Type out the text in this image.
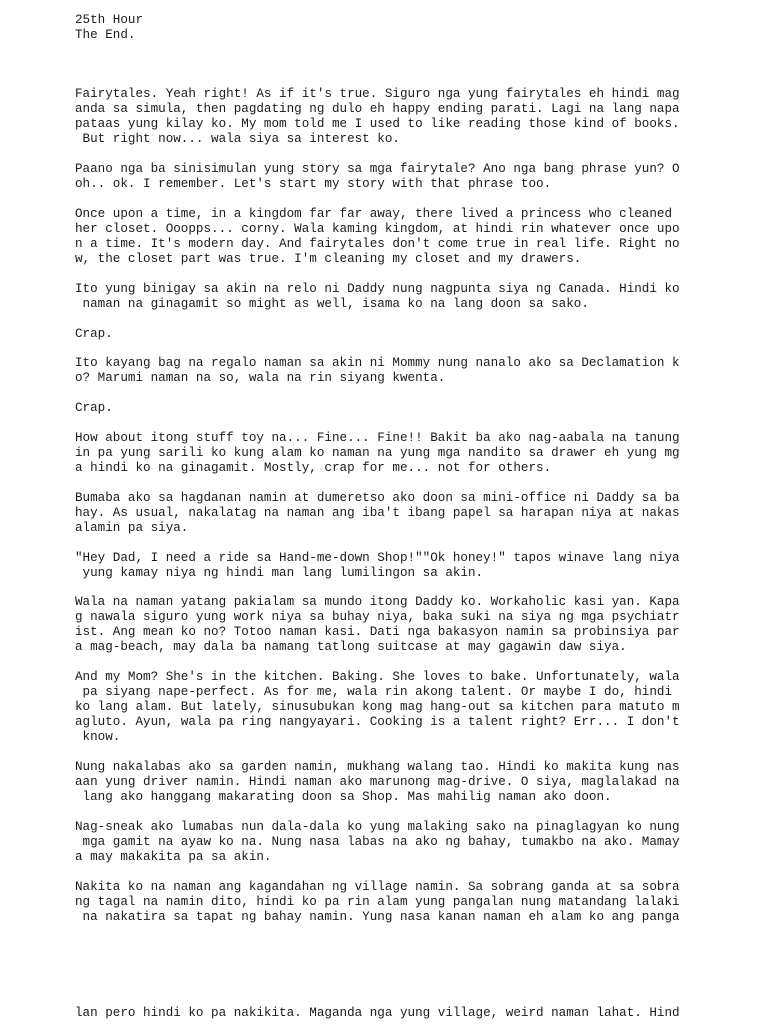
25th Hour
The End.
Fairytales. Yeah right! As if it's true. Siguro nga yung fairytales eh hindi mag
anda sa simula, then pagdating ng dulo eh happy ending parati. Lagi na lang napa
pataas yung kilay ko. My mom told me I used to like reading those kind of books.
But right now... wala siya sa interest ko.
Paano nga ba sinisimulan yung story sa mga fairytale? Ano nga bang phrase yun? O
oh.. ok. I remember. Let's start my story with that phrase too.
Once upon a time, in a kingdom far far away, there lived a princess who cleaned
her closet. Ooopps... corny. Wala kaming kingdom, at hindi rin whatever once upo
n a time. It's modern day. And fairytales don't come true in real life. Right no
w, the closet part was true. I'm cleaning my closet and my drawers.
Ito yung binigay sa akin na relo ni Daddy nung nagpunta siya ng Canada. Hindi ko
naman na ginagamit so might as well, isama ko na lang doon sa sako.
Crap.
Ito kayang bag na regalo naman sa akin ni Mommy nung nanalo ako sa Declamation k
o? Marumi naman na so, wala na rin siyang kwenta.
Crap.
How about itong stuff toy na... Fine... Fine!! Bakit ba ako nag-aabala na tanung
in pa yung sarili ko kung alam ko naman na yung mga nandito sa drawer eh yung mg
a hindi ko na ginagamit. Mostly, crap for me... not for others.
Bumaba ako sa hagdanan namin at dumeretso ako doon sa mini-office ni Daddy sa ba
hay. As usual, nakalatag na naman ang iba't ibang papel sa harapan niya at nakas
alamin pa siya.
"Hey Dad, I need a ride sa Hand-me-down Shop!""Ok honey!" tapos winave lang niya
yung kamay niya ng hindi man lang lumilingon sa akin.
Wala na naman yatang pakialam sa mundo itong Daddy ko. Workaholic kasi yan. Kapa
g nawala siguro yung work niya sa buhay niya, baka suki na siya ng mga psychiatr
ist. Ang mean ko no? Totoo naman kasi. Dati nga bakasyon namin sa probinsiya par
a mag-beach, may dala ba namang tatlong suitcase at may gagawin daw siya.
And my Mom? She's in the kitchen. Baking. She loves to bake. Unfortunately, wala
pa siyang nape-perfect. As for me, wala rin akong talent. Or maybe I do, hindi
ko lang alam. But lately, sinusubukan kong mag hang-out sa kitchen para matuto m
agluto. Ayun, wala pa ring nangyayari. Cooking is a talent right? Err... I don't
know.
Nung nakalabas ako sa garden namin, mukhang walang tao. Hindi ko makita kung nas
aan yung driver namin. Hindi naman ako marunong mag-drive. O siya, maglalakad na
lang ako hanggang makarating doon sa Shop. Mas mahilig naman ako doon.
Nag-sneak ako lumabas nun dala-dala ko yung malaking sako na pinaglagyan ko nung
mga gamit na ayaw ko na. Nung nasa labas na ako ng bahay, tumakbo na ako. Mamay
a may makakita pa sa akin.
Nakita ko na naman ang kagandahan ng village namin. Sa sobrang ganda at sa sobra
ng tagal na namin dito, hindi ko pa rin alam yung pangalan nung matandang lalaki
na nakatira sa tapat ng bahay namin. Yung nasa kanan naman eh alam ko ang panga
lan pero hindi ko pa nakikita. Maganda nga yung village, weird naman lahat. Hind
